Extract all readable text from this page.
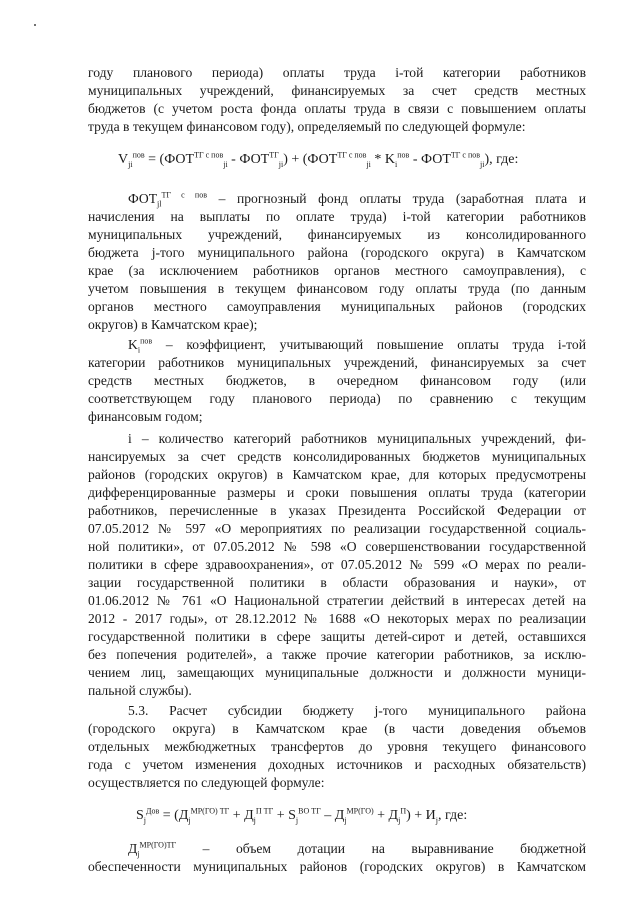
году планового периода) оплаты труда i-той категории работников
муниципальных учреждений, финансируемых за счет средств местных
бюджетов (с учетом роста фонда оплаты труда в связи с повышением оплаты
труда в текущем финансовом году), определяемый по следующей формуле:
$V_{ji}^{пов} = (ФОТ^{ТГ с пов}_{ji} - ФОТ^{ТГ}_{ji}) + (ФОТ^{ТГ с пов}_{ji} * K_i^{пов} - ФОТ^{ТГ с пов}_{ji})$, где:
$ФОТ_{jl}^{ТГ с пов}$ – прогнозный фонд оплаты труда (заработная плата и
начисления на выплаты по оплате труда) i-той категории работников
муниципальных учреждений, финансируемых из консолидированного
бюджета j-того муниципального района (городского округа) в Камчатском
крае (за исключением работников органов местного самоуправления), с
учетом повышения в текущем финансовом году оплаты труда (по данным
органов местного самоуправления муниципальных районов (городских
округов) в Камчатском крае);
$K_i^{пов}$ – коэффициент, учитывающий повышение оплаты труда i-той
категории работников муниципальных учреждений, финансируемых за счет
средств местных бюджетов, в очередном финансовом году (или
соответствующем году планового периода) по сравнению с текущим
финансовым годом;
i – количество категорий работников муниципальных учреждений, фи-
нансируемых за счет средств консолидированных бюджетов муниципальных
районов (городских округов) в Камчатском крае, для которых предусмотрены
дифференцированные размеры и сроки повышения оплаты труда (категории
работников, перечисленные в указах Президента Российской Федерации от
07.05.2012 № 597 «О мероприятиях по реализации государственной социаль-
ной политики», от 07.05.2012 № 598 «О совершенствовании государственной
политики в сфере здравоохранения», от 07.05.2012 № 599 «О мерах по реали-
зации государственной политики в области образования и науки», от
01.06.2012 № 761 «О Национальной стратегии действий в интересах детей на
2012 - 2017 годы», от 28.12.2012 № 1688 «О некоторых мерах по реализации
государственной политики в сфере защиты детей-сирот и детей, оставшихся
без попечения родителей», а также прочие категории работников, за исклю-
чением лиц, замещающих муниципальные должности и должности муници-
пальной службы).
5.3. Расчет субсидии бюджету j-того муниципального района
(городского округа) в Камчатском крае (в части доведения объемов
отдельных межбюджетных трансфертов до уровня текущего финансового
года с учетом изменения доходных источников и расходных обязательств)
осуществляется по следующей формуле:
$S_j^{Дов} = (Д_j^{МР(ГО) ТГ} + Д_j^{П ТГ} + S_j^{ВО ТГ} - Д_j^{МР(ГО)} + Д_j^П) + И_j$, где:
$Д_j^{МР(ГО)ТГ}$ – объем дотации на выравнивание бюджетной
обеспеченности муниципальных районов (городских округов) в Камчатском
